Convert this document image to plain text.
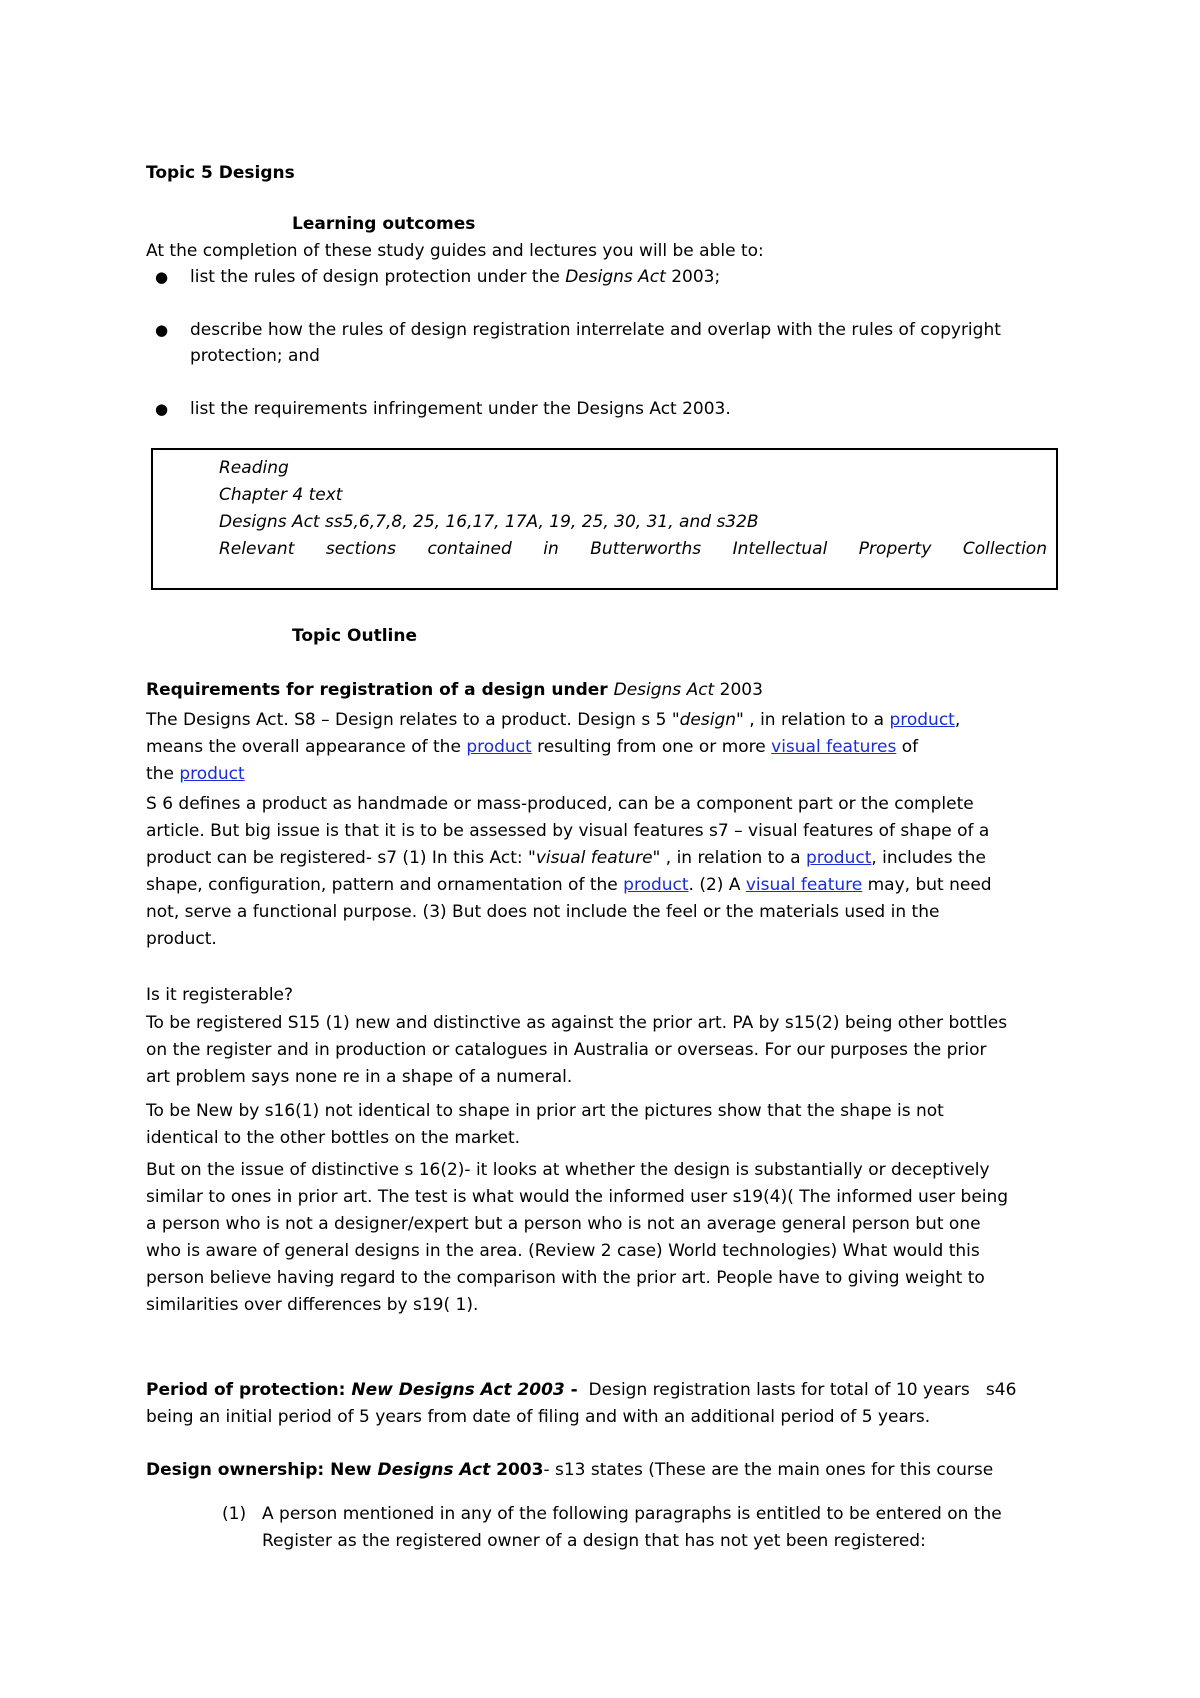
Topic 5 Designs
Learning outcomes
At the completion of these study guides and lectures you will be able to:
● list the rules of design protection under the Designs Act 2003;
● describe how the rules of design registration interrelate and overlap with the rules of copyright
protection; and
● list the requirements infringement under the Designs Act 2003.
Reading
Chapter 4 text
Designs Act ss5,6,7,8, 25, 16,17, 17A, 19, 25, 30, 31, and s32B
Relevant sections contained in Butterworths Intellectual Property Collection
Topic Outline
Requirements for registration of a design under Designs Act 2003
The Designs Act. S8 – Design relates to a product. Design s 5 "design" , in relation to a product,
means the overall appearance of the product resulting from one or more visual features of
the product
S 6 defines a product as handmade or mass-produced, can be a component part or the complete
article. But big issue is that it is to be assessed by visual features s7 – visual features of shape of a
product can be registered- s7 (1) In this Act: "visual feature" , in relation to a product, includes the
shape, configuration, pattern and ornamentation of the product. (2) A visual feature may, but need
not, serve a functional purpose. (3) But does not include the feel or the materials used in the
product.
Is it registerable?
To be registered S15 (1) new and distinctive as against the prior art. PA by s15(2) being other bottles
on the register and in production or catalogues in Australia or overseas. For our purposes the prior
art problem says none re in a shape of a numeral.
To be New by s16(1) not identical to shape in prior art the pictures show that the shape is not
identical to the other bottles on the market.
But on the issue of distinctive s 16(2)- it looks at whether the design is substantially or deceptively
similar to ones in prior art. The test is what would the informed user s19(4)( The informed user being
a person who is not a designer/expert but a person who is not an average general person but one
who is aware of general designs in the area. (Review 2 case) World technologies) What would this
person believe having regard to the comparison with the prior art. People have to giving weight to
similarities over differences by s19( 1).
Period of protection: New Designs Act 2003 -  Design registration lasts for total of 10 years   s46
being an initial period of 5 years from date of filing and with an additional period of 5 years.
Design ownership: New Designs Act 2003- s13 states (These are the main ones for this course
(1) A person mentioned in any of the following paragraphs is entitled to be entered on the
Register as the registered owner of a design that has not yet been registered:
